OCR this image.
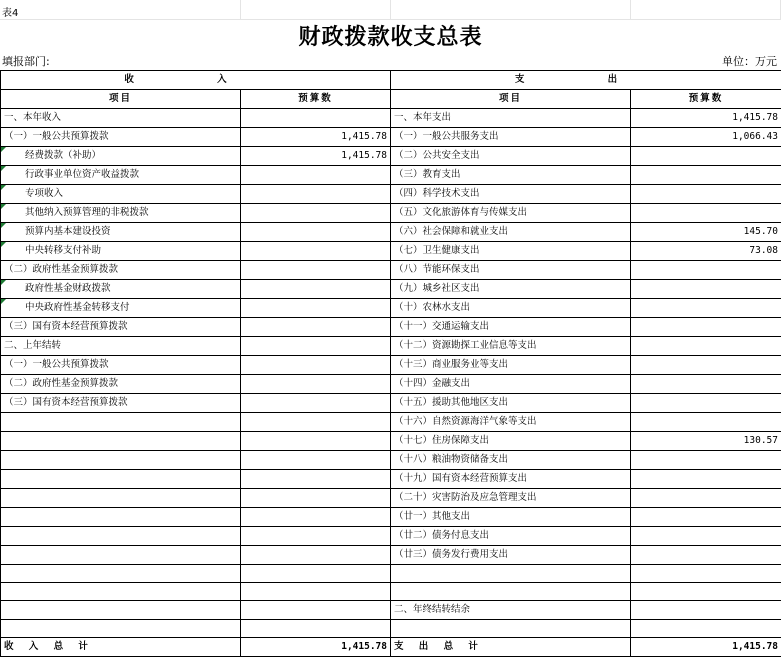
表4
财政拨款收支总表
填报部门:	单位：万元
收 入		支 出	
项目	预算数	项目	预算数
一、本年收入		一、本年支出	1,415.78
（一）一般公共预算拨款	1,415.78	（一）一般公共服务支出	1,066.43

经费拨款（补助）	1,415.78	（二）公共安全支出	

行政事业单位资产收益拨款		（三）教育支出	

专项收入		（四）科学技术支出	

其他纳入预算管理的非税拨款		（五）文化旅游体育与传媒支出	

预算内基本建设投资		（六）社会保障和就业支出	145.70

中央转移支付补助		（七）卫生健康支出	73.08
（二）政府性基金预算拨款		（八）节能环保支出	

政府性基金财政拨款		（九）城乡社区支出	

中央政府性基金转移支付		（十）农林水支出	
（三）国有资本经营预算拨款		（十一）交通运输支出	
二、上年结转		（十二）资源勘探工业信息等支出	
（一）一般公共预算拨款		（十三）商业服务业等支出	
（二）政府性基金预算拨款		（十四）金融支出	
（三）国有资本经营预算拨款		（十五）援助其他地区支出	
		（十六）自然资源海洋气象等支出	
		（十七）住房保障支出	130.57
		（十八）粮油物资储备支出	
		（十九）国有资本经营预算支出	
		（二十）灾害防治及应急管理支出	
		（廿一）其他支出	
		（廿二）债务付息支出	
		（廿三）债务发行费用支出	

		二、年终结转结余	

收 入 总 计	1,415.78	支 出 总 计	1,415.78
